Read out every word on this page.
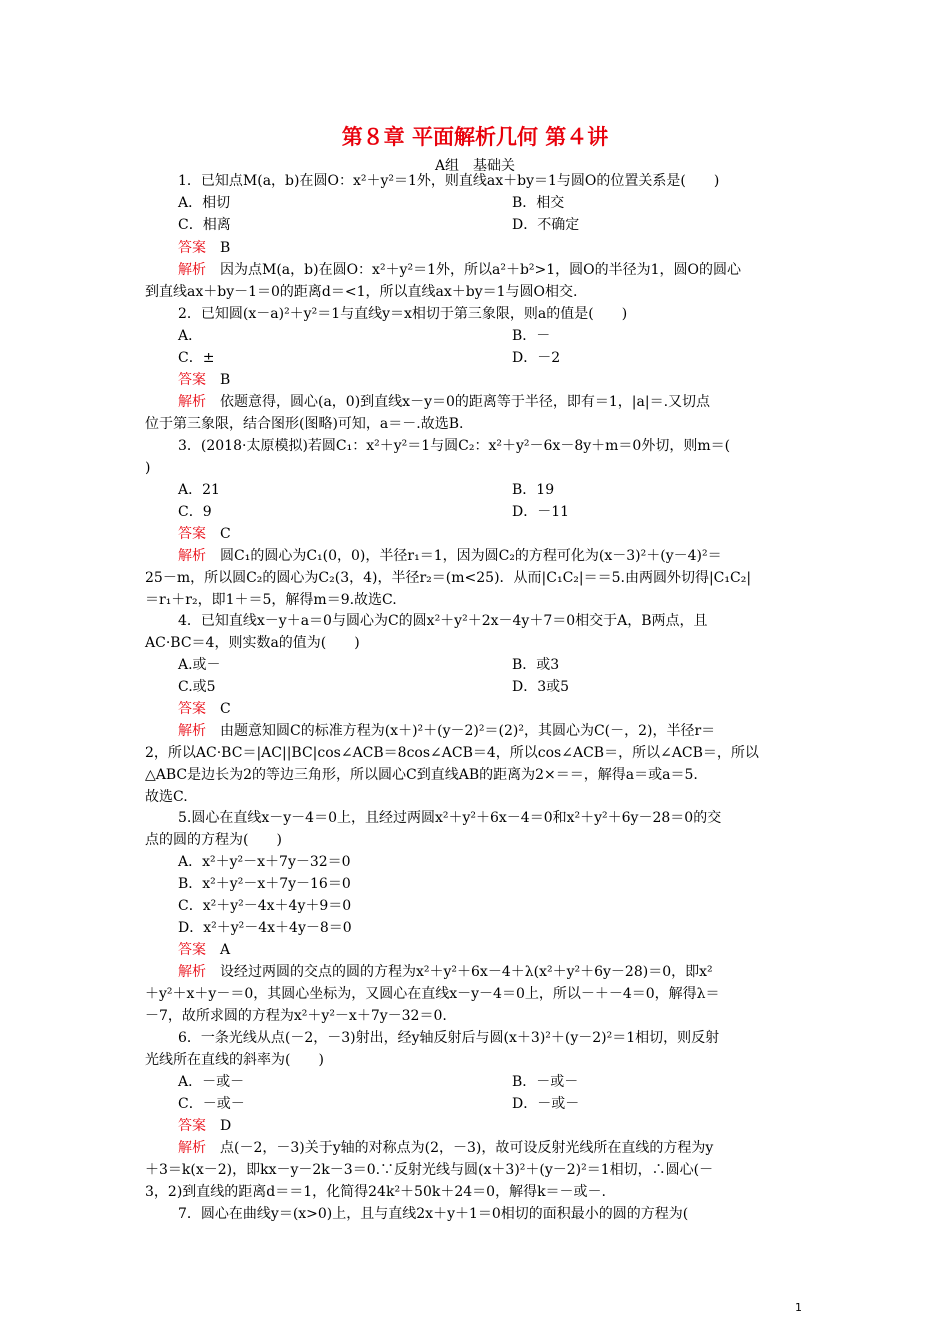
第８章 平面解析几何 第４讲
A组　基础关
1．已知点M(a，b)在圆O：x²＋y²＝1外，则直线ax＋by＝1与圆O的位置关系是(　　)
A．相切	B．相交
C．相离	D．不确定
答案　 B
解析　 因为点M(a，b)在圆O：x²＋y²＝1外，所以a²＋b²>1，圆O的半径为1，圆O的圆心
到直线ax＋by－1＝0的距离d＝<1，所以直线ax＋by＝1与圆O相交.
2．已知圆(x－a)²＋y²＝1与直线y＝x相切于第三象限，则a的值是(　　)
A．	B．－
C．±	D．－2
答案　 B
解析　 依题意得，圆心(a，0)到直线x－y＝0的距离等于半径，即有＝1，|a|＝.又切点
位于第三象限，结合图形(图略)可知，a＝－.故选B.
3．(2018·太原模拟)若圆C₁：x²＋y²＝1与圆C₂：x²＋y²－6x－8y＋m＝0外切，则m＝(
)
A．21	B．19
C．9	D．－11
答案　 C
解析　 圆C₁的圆心为C₁(0，0)，半径r₁＝1，因为圆C₂的方程可化为(x－3)²＋(y－4)²＝
25－m，所以圆C₂的圆心为C₂(3，4)，半径r₂＝(m<25)．从而|C₁C₂|＝＝5.由两圆外切得|C₁C₂|
＝r₁＋r₂，即1＋＝5，解得m＝9.故选C.
4．已知直线x－y＋a＝0与圆心为C的圆x²＋y²＋2x－4y＋7＝0相交于A，B两点，且
AC·BC＝4，则实数a的值为(　　)
A.或－	B．或3
C.或5	D．3或5
答案　 C
解析　 由题意知圆C的标准方程为(x＋)²＋(y－2)²＝(2)²，其圆心为C(－，2)，半径r＝
2，所以AC·BC＝|AC||BC|cos∠ACB＝8cos∠ACB＝4，所以cos∠ACB＝，所以∠ACB＝，所以
△ABC是边长为2的等边三角形，所以圆心C到直线AB的距离为2×＝＝，解得a＝或a＝5.
故选C.
5.圆心在直线x－y－4＝0上，且经过两圆x²＋y²＋6x－4＝0和x²＋y²＋6y－28＝0的交
点的圆的方程为(　　)
A．x²＋y²－x＋7y－32＝0
B．x²＋y²－x＋7y－16＝0
C．x²＋y²－4x＋4y＋9＝0
D．x²＋y²－4x＋4y－8＝0
答案　 A
解析　 设经过两圆的交点的圆的方程为x²＋y²＋6x－4＋λ(x²＋y²＋6y－28)＝0，即x²
＋y²＋x＋y－＝0，其圆心坐标为，又圆心在直线x－y－4＝0上，所以－＋－4＝0，解得λ＝
－7，故所求圆的方程为x²＋y²－x＋7y－32＝0.
6．一条光线从点(－2，－3)射出，经y轴反射后与圆(x＋3)²＋(y－2)²＝1相切，则反射
光线所在直线的斜率为(　　)
A．－或－	B．－或－
C．－或－	D．－或－
答案　 D
解析　 点(－2，－3)关于y轴的对称点为(2，－3)，故可设反射光线所在直线的方程为y
＋3＝k(x－2)，即kx－y－2k－3＝0.∵反射光线与圆(x＋3)²＋(y－2)²＝1相切，∴圆心(－
3，2)到直线的距离d＝＝1，化简得24k²＋50k＋24＝0，解得k＝－或－.
7．圆心在曲线y＝(x>0)上，且与直线2x＋y＋1＝0相切的面积最小的圆的方程为(
1
